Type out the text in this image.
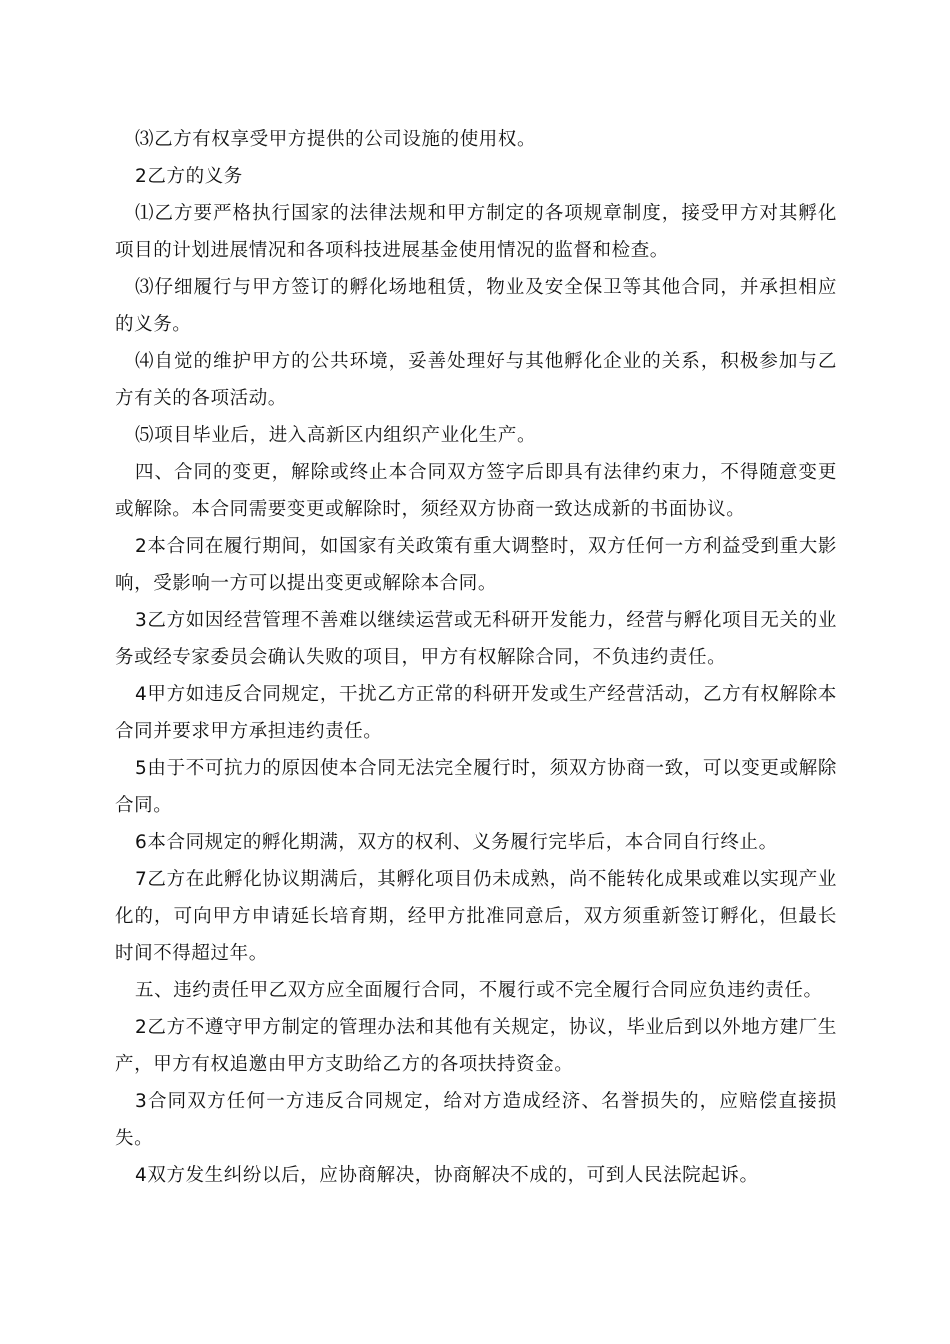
⑶乙方有权享受甲方提供的公司设施的使用权。

2乙方的义务

⑴乙方要严格执行国家的法律法规和甲方制定的各项规章制度，接受甲方对其孵化项目的计划进展情况和各项科技进展基金使用情况的监督和检查。

⑶仔细履行与甲方签订的孵化场地租赁，物业及安全保卫等其他合同，并承担相应的义务。

⑷自觉的维护甲方的公共环境，妥善处理好与其他孵化企业的关系，积极参加与乙方有关的各项活动。

⑸项目毕业后，进入高新区内组织产业化生产。

四、合同的变更，解除或终止本合同双方签字后即具有法律约束力，不得随意变更或解除。本合同需要变更或解除时，须经双方协商一致达成新的书面协议。

2本合同在履行期间，如国家有关政策有重大调整时，双方任何一方利益受到重大影响，受影响一方可以提出变更或解除本合同。

3乙方如因经营管理不善难以继续运营或无科研开发能力，经营与孵化项目无关的业务或经专家委员会确认失败的项目，甲方有权解除合同，不负违约责任。

4甲方如违反合同规定，干扰乙方正常的科研开发或生产经营活动，乙方有权解除本合同并要求甲方承担违约责任。

5由于不可抗力的原因使本合同无法完全履行时，须双方协商一致，可以变更或解除合同。

6本合同规定的孵化期满，双方的权利、义务履行完毕后，本合同自行终止。

7乙方在此孵化协议期满后，其孵化项目仍未成熟，尚不能转化成果或难以实现产业化的，可向甲方申请延长培育期，经甲方批准同意后，双方须重新签订孵化，但最长时间不得超过年。

五、违约责任甲乙双方应全面履行合同，不履行或不完全履行合同应负违约责任。

2乙方不遵守甲方制定的管理办法和其他有关规定，协议，毕业后到以外地方建厂生产，甲方有权追邀由甲方支助给乙方的各项扶持资金。

3合同双方任何一方违反合同规定，给对方造成经济、名誉损失的，应赔偿直接损失。

4双方发生纠纷以后，应协商解决，协商解决不成的，可到人民法院起诉。
